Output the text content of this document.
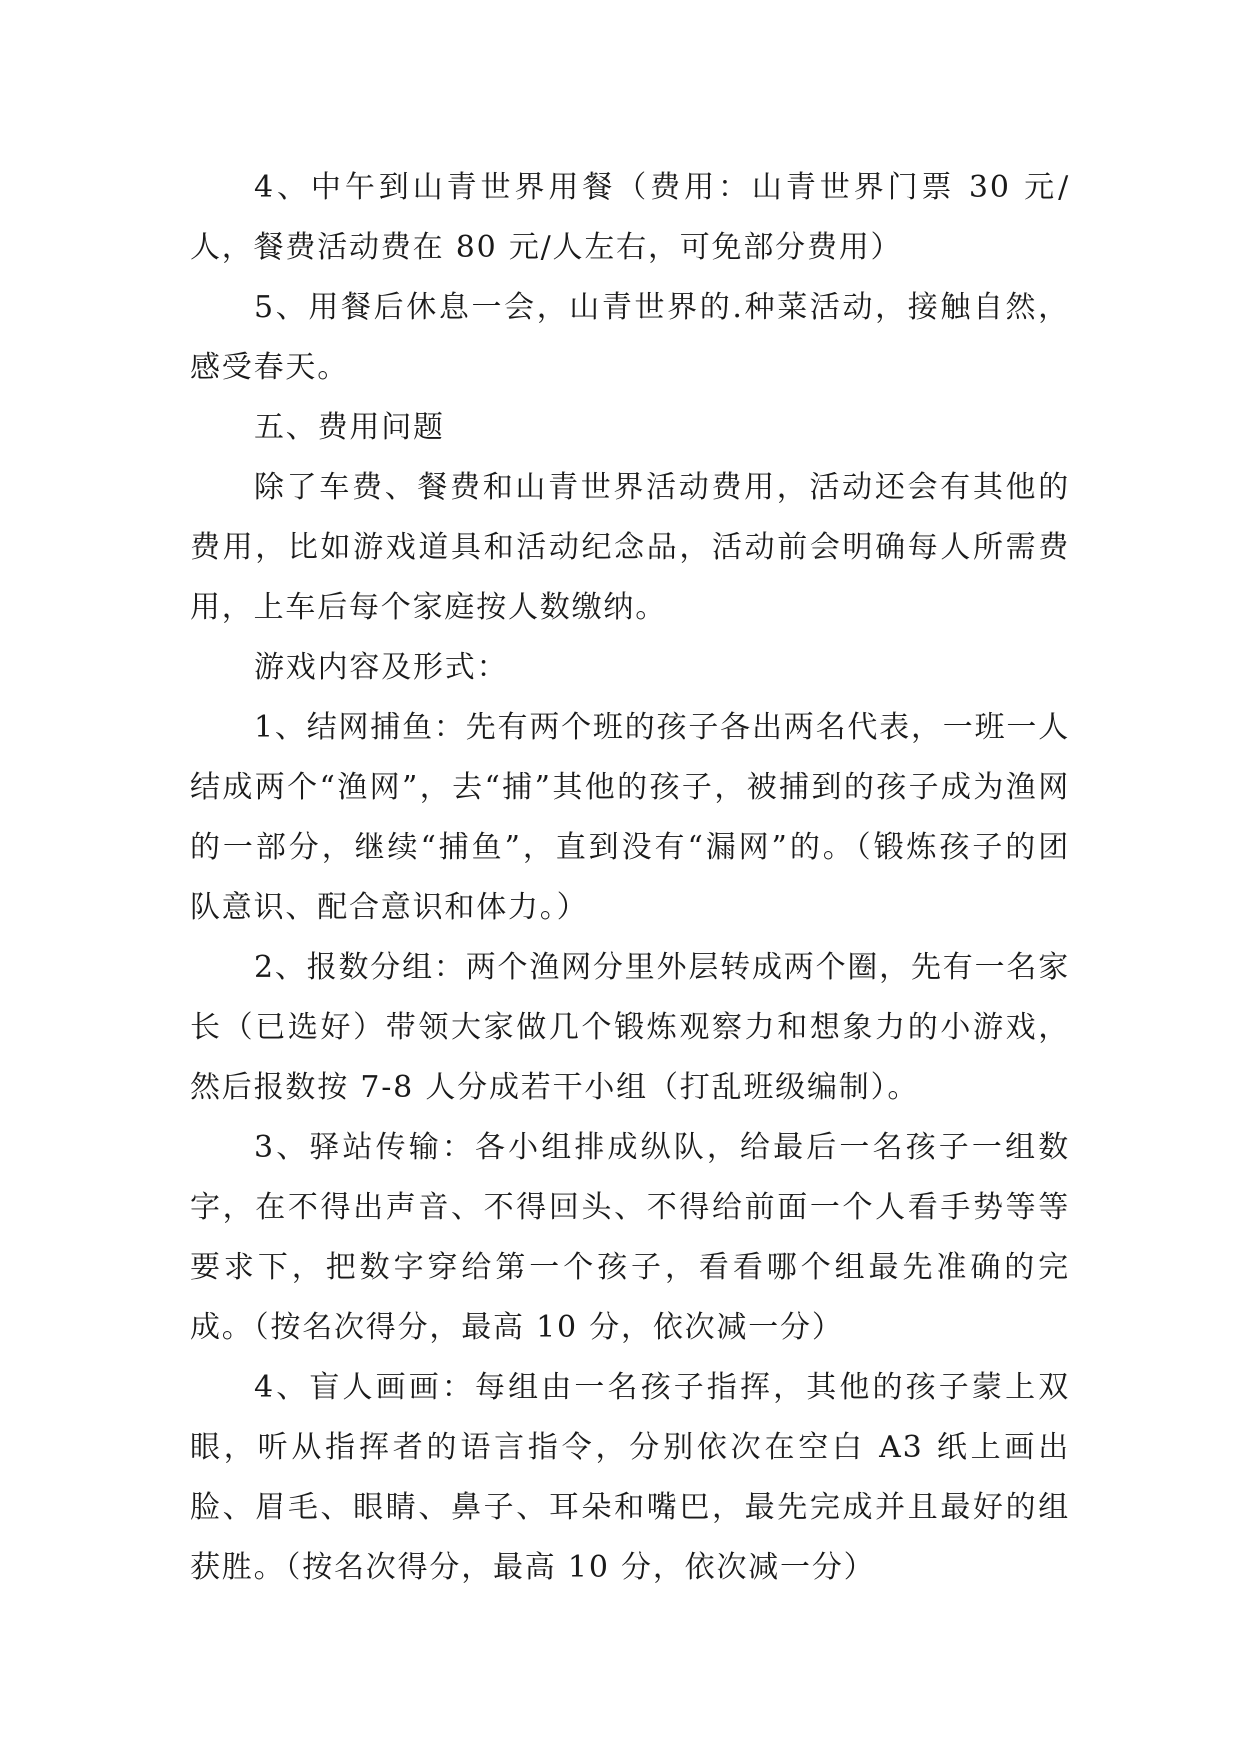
4、中午到山青世界用餐（费用：山青世界门票 30 元/人，餐费活动费在 80 元/人左右，可免部分费用）

5、用餐后休息一会，山青世界的.种菜活动，接触自然，感受春天。

五、费用问题

除了车费、餐费和山青世界活动费用，活动还会有其他的费用，比如游戏道具和活动纪念品，活动前会明确每人所需费用，上车后每个家庭按人数缴纳。

游戏内容及形式：

1、结网捕鱼：先有两个班的孩子各出两名代表，一班一人结成两个“渔网”，去“捕”其他的孩子，被捕到的孩子成为渔网的一部分，继续“捕鱼”，直到没有“漏网”的。（锻炼孩子的团队意识、配合意识和体力。）

2、报数分组：两个渔网分里外层转成两个圈，先有一名家长（已选好）带领大家做几个锻炼观察力和想象力的小游戏，然后报数按 7-8 人分成若干小组（打乱班级编制）。

3、驿站传输：各小组排成纵队，给最后一名孩子一组数字，在不得出声音、不得回头、不得给前面一个人看手势等等要求下，把数字穿给第一个孩子，看看哪个组最先准确的完成。（按名次得分，最高 10 分，依次减一分）

4、盲人画画：每组由一名孩子指挥，其他的孩子蒙上双眼，听从指挥者的语言指令，分别依次在空白 A3 纸上画出脸、眉毛、眼睛、鼻子、耳朵和嘴巴，最先完成并且最好的组获胜。（按名次得分，最高 10 分，依次减一分）
